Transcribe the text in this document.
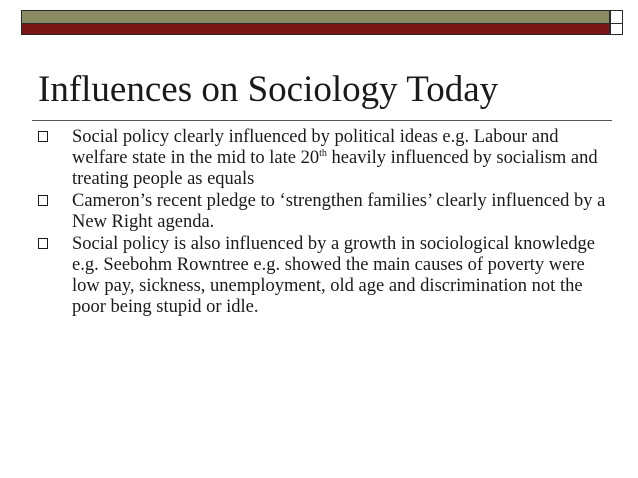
Influences on Sociology Today
Social policy clearly influenced by political ideas e.g. Labour and welfare state in the mid to late 20th heavily influenced by socialism and treating people as equals
Cameron’s recent pledge to ‘strengthen families’ clearly influenced by a New Right agenda.
Social policy is also influenced by a growth in sociological knowledge e.g. Seebohm Rowntree e.g. showed the main causes of poverty were low pay, sickness, unemployment, old age and discrimination not the poor being stupid or idle.
